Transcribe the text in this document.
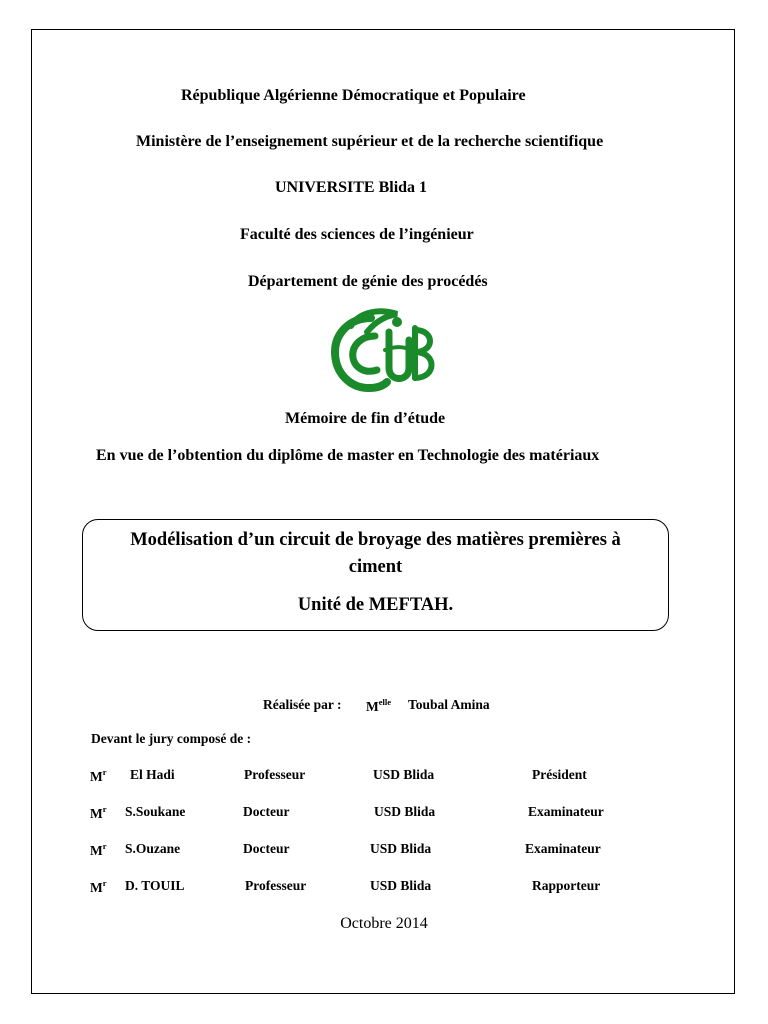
République Algérienne Démocratique et Populaire
Ministère de l’enseignement supérieur et de la recherche scientifique
UNIVERSITE Blida 1
Faculté des sciences de l’ingénieur
Département de génie des procédés
Mémoire de fin d’étude
En vue de l’obtention du diplôme de master en Technologie des matériaux
Modélisation d’un circuit de broyage des matières premières à
ciment
Unité de MEFTAH.
Réalisée par : $M^{elle}$ Toubal Amina
Devant le jury composé de :
$M^r$ El Hadi	Professeur	USD Blida	Président
$M^r$ S.Soukane	Docteur	USD Blida	Examinateur
$M^r$ S.Ouzane	Docteur	USD Blida	Examinateur
$M^r$ D. TOUIL	Professeur	USD Blida	Rapporteur
Octobre 2014
